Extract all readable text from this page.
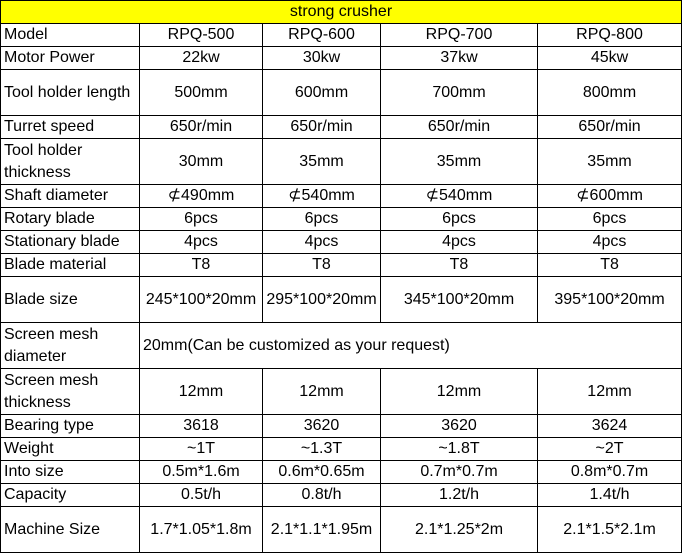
strong crusher				
Model	RPQ-500	RPQ-600	RPQ-700	RPQ-800
Motor Power	22kw	30kw	37kw	45kw
Tool holder length	500mm	600mm	700mm	800mm
Turret speed	650r/min	650r/min	650r/min	650r/min
Tool holder thickness	30mm	35mm	35mm	35mm
Shaft diameter	⊄490mm	⊄540mm	⊄540mm	⊄600mm
Rotary blade	6pcs	6pcs	6pcs	6pcs
Stationary blade	4pcs	4pcs	4pcs	4pcs
Blade material	T8	T8	T8	T8
Blade size	245*100*20mm	295*100*20mm	345*100*20mm	395*100*20mm
Screen mesh diameter	20mm(Can be customized as your request)			
Screen mesh thickness	12mm	12mm	12mm	12mm
Bearing type	3618	3620	3620	3624
Weight	~1T	~1.3T	~1.8T	~2T
Into size	0.5m*1.6m	0.6m*0.65m	0.7m*0.7m	0.8m*0.7m
Capacity	0.5t/h	0.8t/h	1.2t/h	1.4t/h
Machine Size	1.7*1.05*1.8m	2.1*1.1*1.95m	2.1*1.25*2m	2.1*1.5*2.1m
